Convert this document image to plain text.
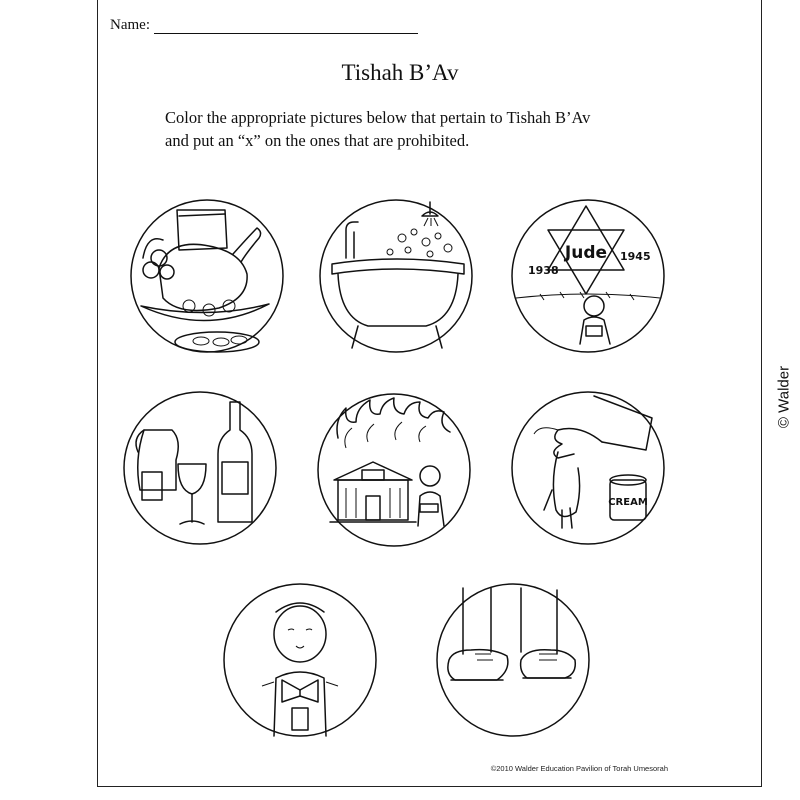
Name:
Tishah B’Av
Color the appropriate pictures below that pertain to Tishah B’Av
and put an “x” on the ones that are prohibited.
Jude
1938
1945
CREAM
© Walder
©2010 Walder Education Pavilion of Torah Umesorah
